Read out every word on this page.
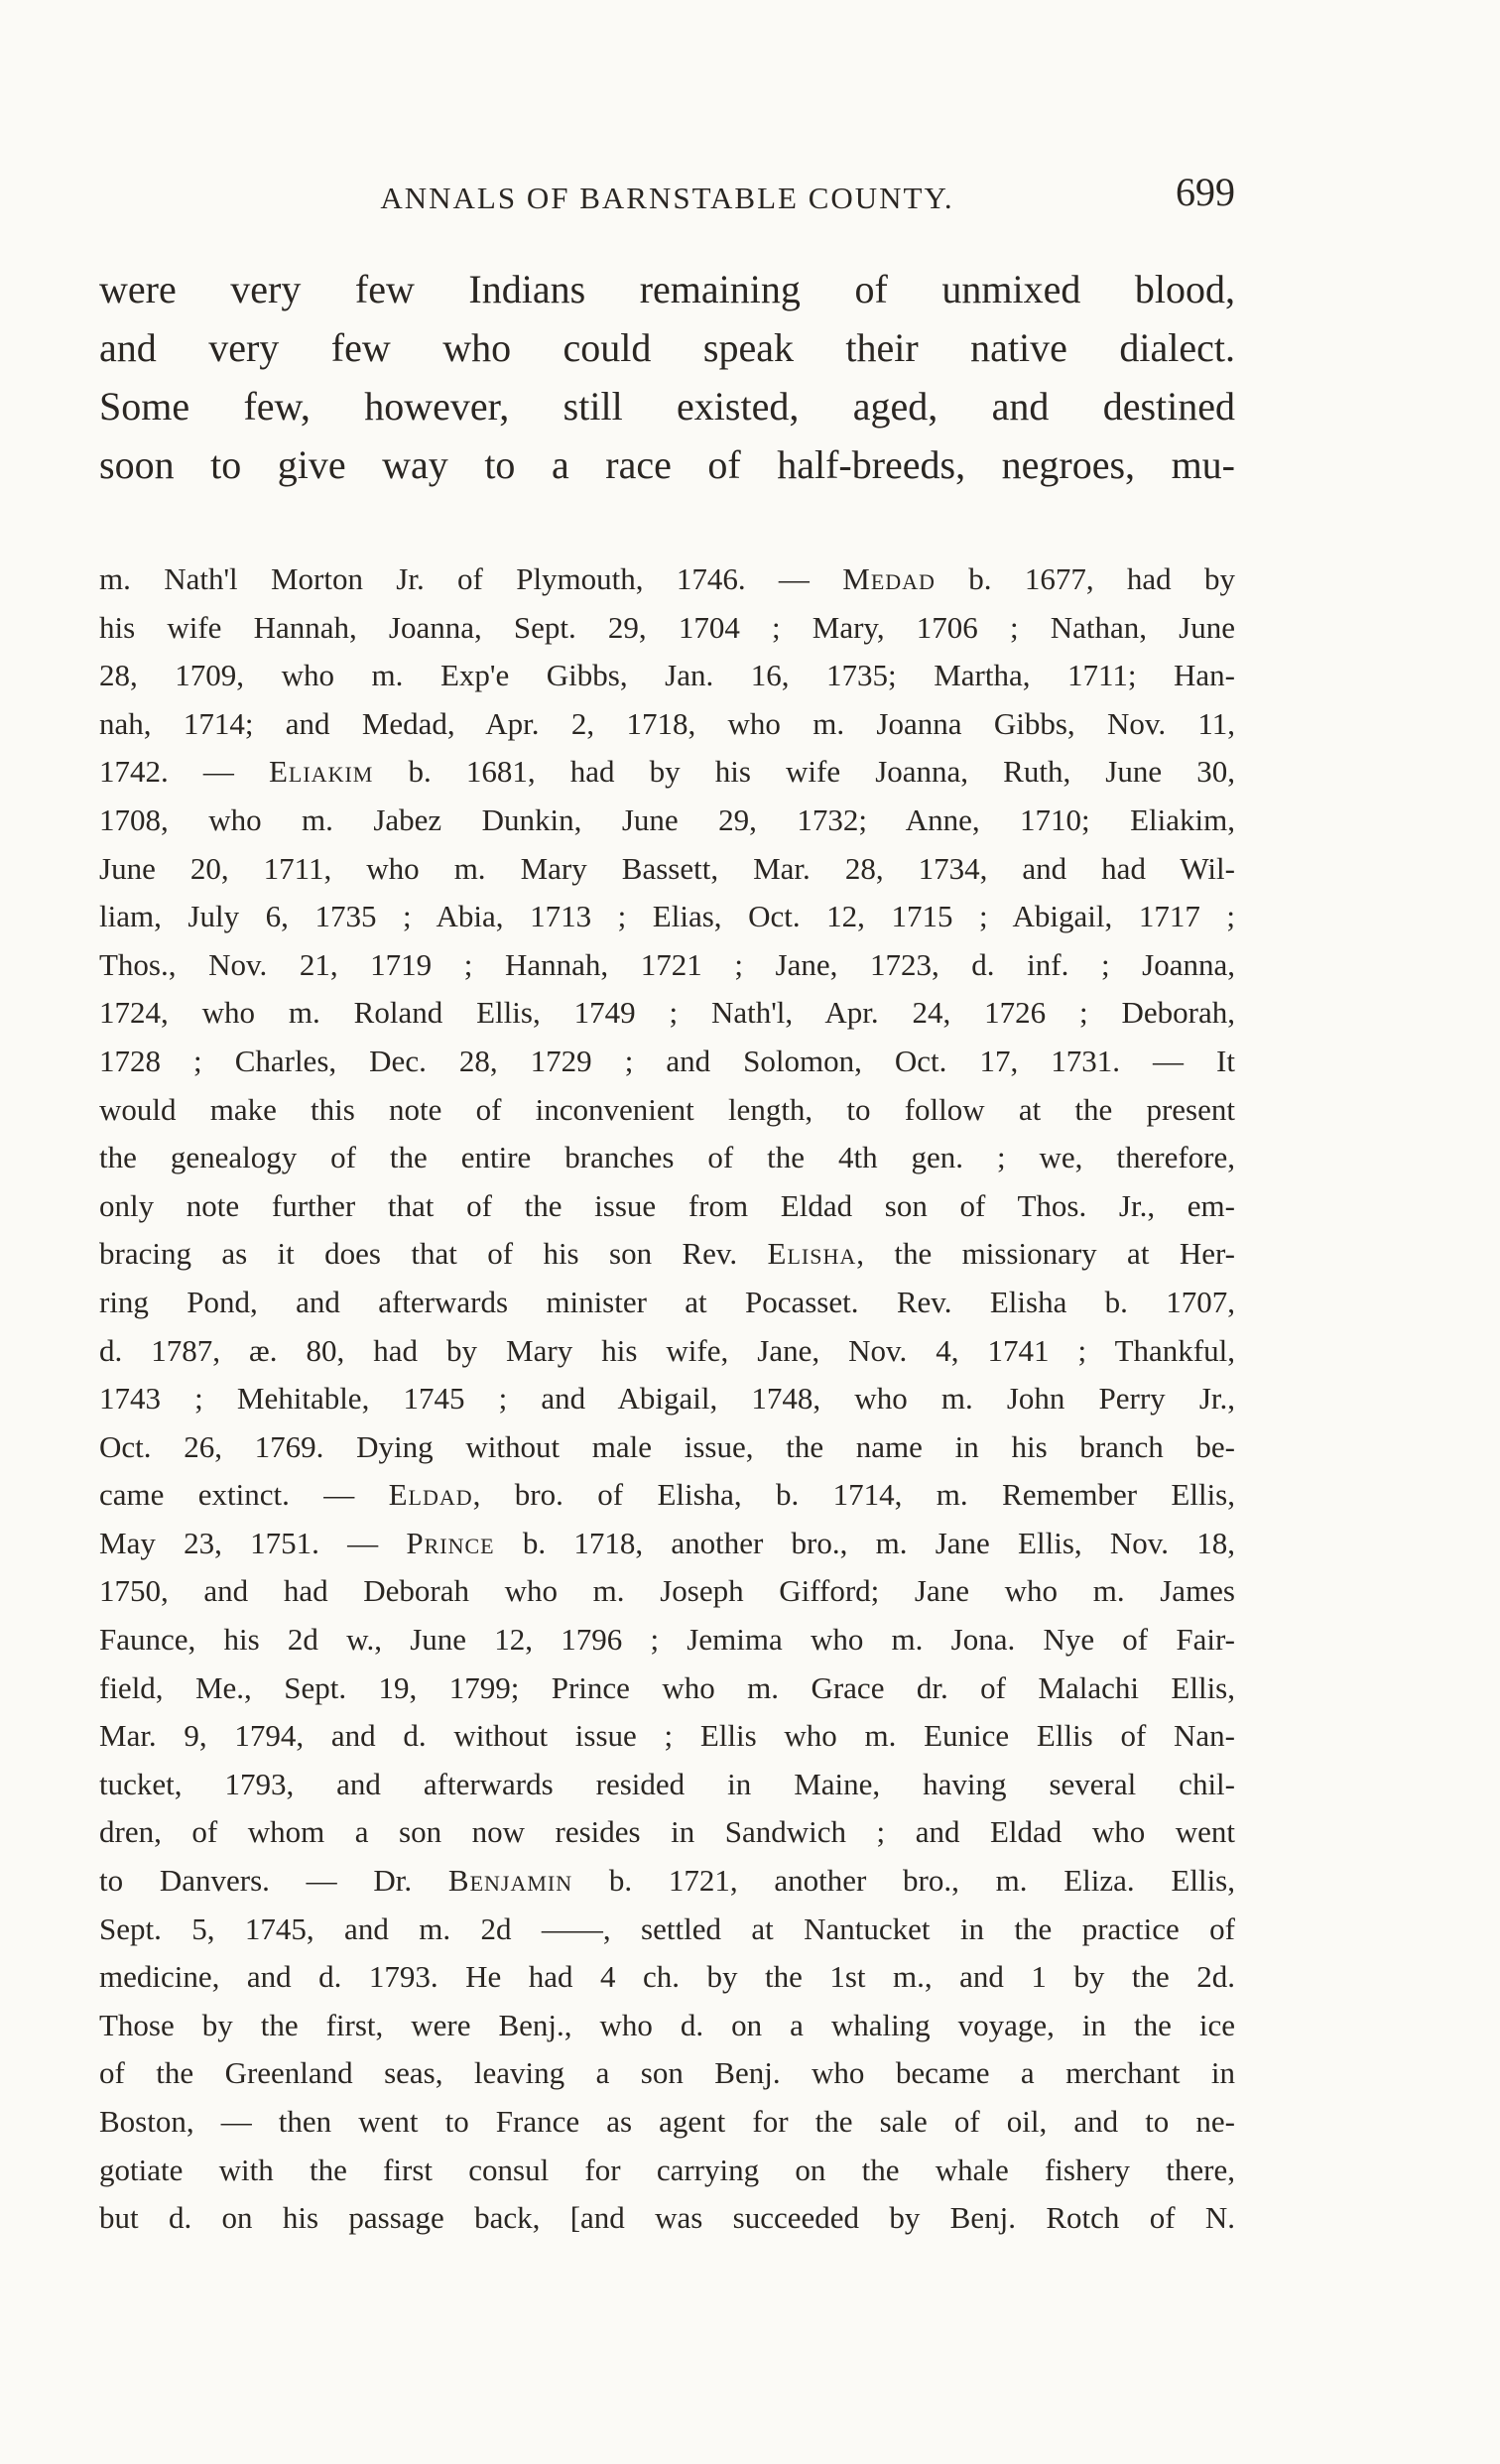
ANNALS OF BARNSTABLE COUNTY.	699
were very few Indians remaining of unmixed blood,
and very few who could speak their native dialect.
Some few, however, still existed, aged, and destined
soon to give way to a race of half-breeds, negroes, mu-
m. Nath'l Morton Jr. of Plymouth, 1746. — Medad b. 1677, had by
his wife Hannah, Joanna, Sept. 29, 1704 ; Mary, 1706 ; Nathan, June
28, 1709, who m. Exp'e Gibbs, Jan. 16, 1735; Martha, 1711; Han-
nah, 1714; and Medad, Apr. 2, 1718, who m. Joanna Gibbs, Nov. 11,
1742. — Eliakim b. 1681, had by his wife Joanna, Ruth, June 30,
1708, who m. Jabez Dunkin, June 29, 1732; Anne, 1710; Eliakim,
June 20, 1711, who m. Mary Bassett, Mar. 28, 1734, and had Wil-
liam, July 6, 1735 ; Abia, 1713 ; Elias, Oct. 12, 1715 ; Abigail, 1717 ;
Thos., Nov. 21, 1719 ; Hannah, 1721 ; Jane, 1723, d. inf. ; Joanna,
1724, who m. Roland Ellis, 1749 ; Nath'l, Apr. 24, 1726 ; Deborah,
1728 ; Charles, Dec. 28, 1729 ; and Solomon, Oct. 17, 1731. — It
would make this note of inconvenient length, to follow at the present
the genealogy of the entire branches of the 4th gen. ; we, therefore,
only note further that of the issue from Eldad son of Thos. Jr., em-
bracing as it does that of his son Rev. Elisha, the missionary at Her-
ring Pond, and afterwards minister at Pocasset. Rev. Elisha b. 1707,
d. 1787, æ. 80, had by Mary his wife, Jane, Nov. 4, 1741 ; Thankful,
1743 ; Mehitable, 1745 ; and Abigail, 1748, who m. John Perry Jr.,
Oct. 26, 1769. Dying without male issue, the name in his branch be-
came extinct. — Eldad, bro. of Elisha, b. 1714, m. Remember Ellis,
May 23, 1751. — Prince b. 1718, another bro., m. Jane Ellis, Nov. 18,
1750, and had Deborah who m. Joseph Gifford; Jane who m. James
Faunce, his 2d w., June 12, 1796 ; Jemima who m. Jona. Nye of Fair-
field, Me., Sept. 19, 1799; Prince who m. Grace dr. of Malachi Ellis,
Mar. 9, 1794, and d. without issue ; Ellis who m. Eunice Ellis of Nan-
tucket, 1793, and afterwards resided in Maine, having several chil-
dren, of whom a son now resides in Sandwich ; and Eldad who went
to Danvers. — Dr. Benjamin b. 1721, another bro., m. Eliza. Ellis,
Sept. 5, 1745, and m. 2d ——, settled at Nantucket in the practice of
medicine, and d. 1793. He had 4 ch. by the 1st m., and 1 by the 2d.
Those by the first, were Benj., who d. on a whaling voyage, in the ice
of the Greenland seas, leaving a son Benj. who became a merchant in
Boston, — then went to France as agent for the sale of oil, and to ne-
gotiate with the first consul for carrying on the whale fishery there,
but d. on his passage back, [and was succeeded by Benj. Rotch of N.
